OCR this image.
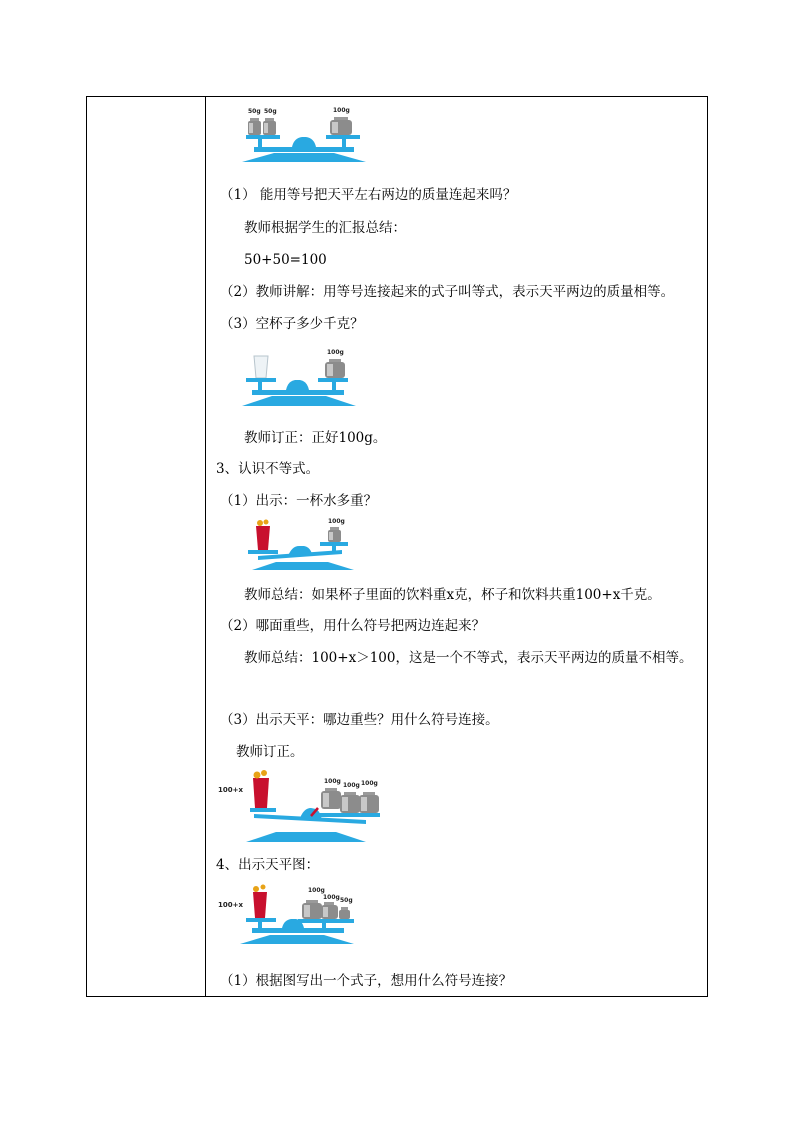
50g 50g	100g
（1） 能用等号把天平左右两边的质量连起来吗？
教师根据学生的汇报总结：
50+50=100
（2）教师讲解：用等号连接起来的式子叫等式，表示天平两边的质量相等。
（3）空杯子多少千克？
100g
教师订正：正好100g。
3、认识不等式。
（1）出示：一杯水多重？
100g
教师总结：如果杯子里面的饮料重x克，杯子和饮料共重100+x千克。
（2）哪面重些，用什么符号把两边连起来？
教师总结：100+x＞100，这是一个不等式，表示天平两边的质量不相等。
（3）出示天平：哪边重些？用什么符号连接。
教师订正。
100+x
100g
100g 100g
4、出示天平图：
100+x
100g
100g 50g
（1）根据图写出一个式子，想用什么符号连接？
